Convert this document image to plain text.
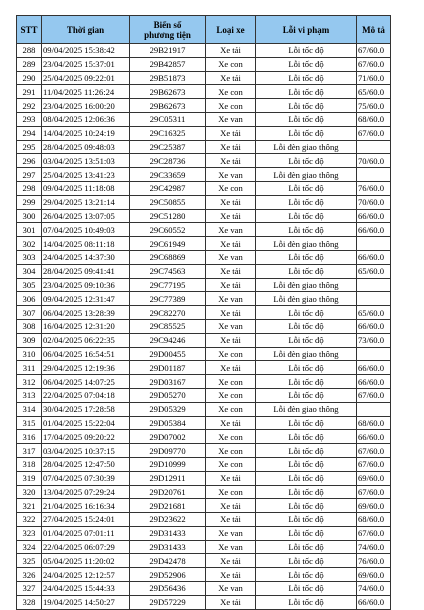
STT	Thời gian	Biển số
phương tiện	Loại xe	Lỗi vi phạm	Mô tả
288	09/04/2025 15:38:42	29B21917	Xe tải	Lỗi tốc độ	67/60.0
289	23/04/2025 15:37:01	29B42857	Xe con	Lỗi tốc độ	67/60.0
290	25/04/2025 09:22:01	29B51873	Xe tải	Lỗi tốc độ	71/60.0
291	11/04/2025 11:26:24	29B62673	Xe con	Lỗi tốc độ	65/60.0
292	23/04/2025 16:00:20	29B62673	Xe con	Lỗi tốc độ	75/60.0
293	08/04/2025 12:06:36	29C05311	Xe van	Lỗi tốc độ	68/60.0
294	14/04/2025 10:24:19	29C16325	Xe tải	Lỗi tốc độ	67/60.0
295	28/04/2025 09:48:03	29C25387	Xe tải	Lỗi đèn giao thông	
296	03/04/2025 13:51:03	29C28736	Xe tải	Lỗi tốc độ	70/60.0
297	25/04/2025 13:41:23	29C33659	Xe van	Lỗi đèn giao thông	
298	09/04/2025 11:18:08	29C42987	Xe con	Lỗi tốc độ	76/60.0
299	29/04/2025 13:21:14	29C50855	Xe tải	Lỗi tốc độ	70/60.0
300	26/04/2025 13:07:05	29C51280	Xe tải	Lỗi tốc độ	66/60.0
301	07/04/2025 10:49:03	29C60552	Xe van	Lỗi tốc độ	66/60.0
302	14/04/2025 08:11:18	29C61949	Xe tải	Lỗi đèn giao thông	
303	24/04/2025 14:37:30	29C68869	Xe van	Lỗi tốc độ	66/60.0
304	28/04/2025 09:41:41	29C74563	Xe tải	Lỗi tốc độ	65/60.0
305	23/04/2025 09:10:36	29C77195	Xe tải	Lỗi đèn giao thông	
306	09/04/2025 12:31:47	29C77389	Xe van	Lỗi đèn giao thông	
307	06/04/2025 13:28:39	29C82270	Xe tải	Lỗi tốc độ	65/60.0
308	16/04/2025 12:31:20	29C85525	Xe van	Lỗi tốc độ	66/60.0
309	02/04/2025 06:22:35	29C94246	Xe tải	Lỗi tốc độ	73/60.0
310	06/04/2025 16:54:51	29D00455	Xe con	Lỗi đèn giao thông	
311	29/04/2025 12:19:36	29D01187	Xe tải	Lỗi tốc độ	66/60.0
312	06/04/2025 14:07:25	29D03167	Xe con	Lỗi tốc độ	66/60.0
313	22/04/2025 07:04:18	29D05270	Xe con	Lỗi tốc độ	67/60.0
314	30/04/2025 17:28:58	29D05329	Xe con	Lỗi đèn giao thông	
315	01/04/2025 15:22:04	29D05384	Xe tải	Lỗi tốc độ	68/60.0
316	17/04/2025 09:20:22	29D07002	Xe con	Lỗi tốc độ	66/60.0
317	03/04/2025 10:37:15	29D09770	Xe con	Lỗi tốc độ	67/60.0
318	28/04/2025 12:47:50	29D10999	Xe con	Lỗi tốc độ	67/60.0
319	07/04/2025 07:30:39	29D12911	Xe tải	Lỗi tốc độ	69/60.0
320	13/04/2025 07:29:24	29D20761	Xe con	Lỗi tốc độ	67/60.0
321	21/04/2025 16:16:34	29D21681	Xe tải	Lỗi tốc độ	69/60.0
322	27/04/2025 15:24:01	29D23622	Xe tải	Lỗi tốc độ	68/60.0
323	01/04/2025 07:01:11	29D31433	Xe van	Lỗi tốc độ	67/60.0
324	22/04/2025 06:07:29	29D31433	Xe van	Lỗi tốc độ	74/60.0
325	05/04/2025 11:20:02	29D42478	Xe tải	Lỗi tốc độ	76/60.0
326	24/04/2025 12:12:57	29D52906	Xe tải	Lỗi tốc độ	69/60.0
327	24/04/2025 15:44:33	29D56436	Xe van	Lỗi tốc độ	74/60.0
328	19/04/2025 14:50:27	29D57229	Xe tải	Lỗi tốc độ	66/60.0
